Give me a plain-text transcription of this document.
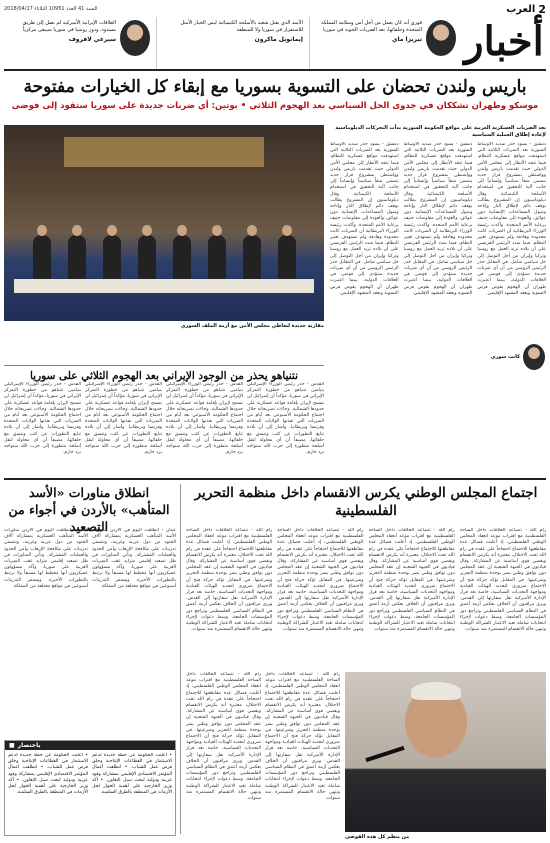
2
العرب
السنة 41 العدد 10951 الثلاثاء 2018/04/17
أخبار
فوزي أنه كان يعمل من أجل أمن وسلامة المملكة المتحدة وحلفائها، بعد الضربات الجوية في سوريا
تيريزا ماي
الأسد الذي يقتل شعبه بالأسلحة الكيميائية ليس الخيار الأمثل للاستقرار في سوريا ولا للمنطقة
إيمانويل ماكرون
العلاقات الإيرانية الأميركية لم تصل إلى طريق مسدود، ودور روسيا في سوريا سيبقى مركزياً
سيرغي لافروف
باريس ولندن تحضان على التسوية بسوريا مع إبقاء كل الخيارات مفتوحة
موسكو وطهران تشككان في جدوى الحل السياسي بعد الهجوم الثلاثي • بوتين: أي ضربات جديدة على سوريا ستقود إلى فوضى
مقاربة جديدة لتعاطي مجلس الأمن مع أزمة الملف السوري
بعد الضربات العسكرية الغربية على مواقع الحكومة السورية بدأت التحركات الدبلوماسية لإعادة إطلاق العملية السياسية
دمشق - يسود حذر شديد الأوساط السورية بعد الضربات الثلاثية التي استهدفت مواقع عسكرية للنظام، فيما تتجه الأنظار إلى مجلس الأمن الدولي حيث تقدمت باريس ولندن وواشنطن بمشروع قرار جديد يتضمن شقاً سياسياً وإنسانياً إلى جانب آلية للتحقيق في استخدام الأسلحة الكيميائية. وقال دبلوماسيون إن المشروع يطالب بوقف دائم لإطلاق النار وإتاحة وصول المساعدات الإنسانية دون عوائق، والعودة إلى مفاوضات جنيف برعاية الأمم المتحدة. وأكدت رئيسة الوزراء البريطانية أن الضربات كانت محدودة وهادفة ولم تستهدف تغيير النظام، فيما شدد الرئيس الفرنسي على أن بلاده تريد العمل مع روسيا وتركيا وإيران من أجل التوصل إلى حل سياسي شامل. في المقابل حذر الرئيس الروسي من أن أي ضربات جديدة ستؤدي إلى فوضى في العلاقات الدولية، بينما اعتبرت طهران أن الهجوم يقوض فرص التسوية ويعقد المشهد الإقليمي.
دمشق - يسود حذر شديد الأوساط السورية بعد الضربات الثلاثية التي استهدفت مواقع عسكرية للنظام، فيما تتجه الأنظار إلى مجلس الأمن الدولي حيث تقدمت باريس ولندن وواشنطن بمشروع قرار جديد يتضمن شقاً سياسياً وإنسانياً إلى جانب آلية للتحقيق في استخدام الأسلحة الكيميائية. وقال دبلوماسيون إن المشروع يطالب بوقف دائم لإطلاق النار وإتاحة وصول المساعدات الإنسانية دون عوائق، والعودة إلى مفاوضات جنيف برعاية الأمم المتحدة. وأكدت رئيسة الوزراء البريطانية أن الضربات كانت محدودة وهادفة ولم تستهدف تغيير النظام، فيما شدد الرئيس الفرنسي على أن بلاده تريد العمل مع روسيا وتركيا وإيران من أجل التوصل إلى حل سياسي شامل. في المقابل حذر الرئيس الروسي من أن أي ضربات جديدة ستؤدي إلى فوضى في العلاقات الدولية، بينما اعتبرت طهران أن الهجوم يقوض فرص التسوية ويعقد المشهد الإقليمي.
دمشق - يسود حذر شديد الأوساط السورية بعد الضربات الثلاثية التي استهدفت مواقع عسكرية للنظام، فيما تتجه الأنظار إلى مجلس الأمن الدولي حيث تقدمت باريس ولندن وواشنطن بمشروع قرار جديد يتضمن شقاً سياسياً وإنسانياً إلى جانب آلية للتحقيق في استخدام الأسلحة الكيميائية. وقال دبلوماسيون إن المشروع يطالب بوقف دائم لإطلاق النار وإتاحة وصول المساعدات الإنسانية دون عوائق، والعودة إلى مفاوضات جنيف برعاية الأمم المتحدة. وأكدت رئيسة الوزراء البريطانية أن الضربات كانت محدودة وهادفة ولم تستهدف تغيير النظام، فيما شدد الرئيس الفرنسي على أن بلاده تريد العمل مع روسيا وتركيا وإيران من أجل التوصل إلى حل سياسي شامل. في المقابل حذر الرئيس الروسي من أن أي ضربات جديدة ستؤدي إلى فوضى في العلاقات الدولية، بينما اعتبرت طهران أن الهجوم يقوض فرص التسوية ويعقد المشهد الإقليمي.
كاتب سوري
نتنياهو يحذر من الوجود الإيراني بعد الهجوم الثلاثي على سوريا
القدس - حذر رئيس الوزراء الإسرائيلي بنيامين نتنياهو من خطورة التمركز الإيراني في سوريا، مؤكداً أن إسرائيل لن تسمح لإيران بإقامة قواعد عسكرية على حدودها الشمالية. وجاءت تصريحاته خلال اجتماع الحكومة الأسبوعي بعد أيام من الضربات التي نفذتها الولايات المتحدة وفرنسا وبريطانيا. وأشار إلى أن بلاده تتابع التطورات عن كثب وتنسق مع حلفائها، مضيفاً أن أي محاولة لنقل أسلحة متطورة إلى حزب الله ستواجه برد حازم.
القدس - حذر رئيس الوزراء الإسرائيلي بنيامين نتنياهو من خطورة التمركز الإيراني في سوريا، مؤكداً أن إسرائيل لن تسمح لإيران بإقامة قواعد عسكرية على حدودها الشمالية. وجاءت تصريحاته خلال اجتماع الحكومة الأسبوعي بعد أيام من الضربات التي نفذتها الولايات المتحدة وفرنسا وبريطانيا. وأشار إلى أن بلاده تتابع التطورات عن كثب وتنسق مع حلفائها، مضيفاً أن أي محاولة لنقل أسلحة متطورة إلى حزب الله ستواجه برد حازم.
القدس - حذر رئيس الوزراء الإسرائيلي بنيامين نتنياهو من خطورة التمركز الإيراني في سوريا، مؤكداً أن إسرائيل لن تسمح لإيران بإقامة قواعد عسكرية على حدودها الشمالية. وجاءت تصريحاته خلال اجتماع الحكومة الأسبوعي بعد أيام من الضربات التي نفذتها الولايات المتحدة وفرنسا وبريطانيا. وأشار إلى أن بلاده تتابع التطورات عن كثب وتنسق مع حلفائها، مضيفاً أن أي محاولة لنقل أسلحة متطورة إلى حزب الله ستواجه برد حازم.
القدس - حذر رئيس الوزراء الإسرائيلي بنيامين نتنياهو من خطورة التمركز الإيراني في سوريا، مؤكداً أن إسرائيل لن تسمح لإيران بإقامة قواعد عسكرية على حدودها الشمالية. وجاءت تصريحاته خلال اجتماع الحكومة الأسبوعي بعد أيام من الضربات التي نفذتها الولايات المتحدة وفرنسا وبريطانيا. وأشار إلى أن بلاده تتابع التطورات عن كثب وتنسق مع حلفائها، مضيفاً أن أي محاولة لنقل أسلحة متطورة إلى حزب الله ستواجه برد حازم.
انطلاق مناورات «الأسد المتأهب» بالأردن في أجواء من التصعيد
اجتماع المجلس الوطني يكرس الانقسام داخل منظمة التحرير الفلسطينية
عمان - انطلقت اليوم في الأردن مناورات الأسد المتأهب العسكرية بمشاركة آلاف الجنود من دول عربية وغربية، وتتضمن تدريبات على مكافحة الإرهاب وأمن الحدود والعمليات المشتركة. وتأتي المناورات في ظل تصعيد إقليمي متزايد عقب الضربات الغربية على سوريا، وأكد مسؤولون عسكريون أنها مخطط لها مسبقاً ولا ترتبط بالتطورات الأخيرة. وتستمر التدريبات أسبوعين في مواقع مختلفة من المملكة.
عمان - انطلقت اليوم في الأردن مناورات الأسد المتأهب العسكرية بمشاركة آلاف الجنود من دول عربية وغربية، وتتضمن تدريبات على مكافحة الإرهاب وأمن الحدود والعمليات المشتركة. وتأتي المناورات في ظل تصعيد إقليمي متزايد عقب الضربات الغربية على سوريا، وأكد مسؤولون عسكريون أنها مخطط لها مسبقاً ولا ترتبط بالتطورات الأخيرة. وتستمر التدريبات أسبوعين في مواقع مختلفة من المملكة.
باختصار
■
• أعلنت الحكومة عن خطة جديدة لدعم الاستثمار في القطاعات الإنتاجية وخلق فرص عمل للشباب. • انطلقت أعمال المؤتمر الاقتصادي الإقليمي بمشاركة وفود عربية ودولية لبحث سبل التعاون. • أكد وزير الخارجية على أهمية الحوار لحل الأزمات في المنطقة بالطرق السلمية.
• أعلنت الحكومة عن خطة جديدة لدعم الاستثمار في القطاعات الإنتاجية وخلق فرص عمل للشباب. • انطلقت أعمال المؤتمر الاقتصادي الإقليمي بمشاركة وفود عربية ودولية لبحث سبل التعاون. • أكد وزير الخارجية على أهمية الحوار لحل الأزمات في المنطقة بالطرق السلمية.
رام الله - تتصاعد الخلافات داخل الساحة الفلسطينية مع اقتراب موعد انعقاد المجلس الوطني الفلسطيني، إذ أعلنت فصائل عدة مقاطعتها للاجتماع احتجاجاً على عقده في رام الله تحت الاحتلال، معتبرة أنه يكرس الانقسام ويقصي قوى أساسية عن المشاركة. وقال قياديون في الجبهة الشعبية إن عقد المجلس دون توافق وطني يضر بوحدة منظمة التحرير وشرعيتها. في المقابل تؤكد حركة فتح أن الاجتماع ضروري لتجديد الهيئات القيادية ومواجهة التحديات السياسية، خاصة بعد قرار الإدارة الأميركية نقل سفارتها إلى القدس. ويرى مراقبون أن الخلاف يعكس أزمة أعمق في النظام السياسي الفلسطيني وتراجع دور المؤسسات الجامعة، وسط دعوات لإجراء انتخابات شاملة تعيد الاعتبار للشراكة الوطنية وتنهي حالة الانقسام المستمرة منذ سنوات.
رام الله - تتصاعد الخلافات داخل الساحة الفلسطينية مع اقتراب موعد انعقاد المجلس الوطني الفلسطيني، إذ أعلنت فصائل عدة مقاطعتها للاجتماع احتجاجاً على عقده في رام الله تحت الاحتلال، معتبرة أنه يكرس الانقسام ويقصي قوى أساسية عن المشاركة. وقال قياديون في الجبهة الشعبية إن عقد المجلس دون توافق وطني يضر بوحدة منظمة التحرير وشرعيتها. في المقابل تؤكد حركة فتح أن الاجتماع ضروري لتجديد الهيئات القيادية ومواجهة التحديات السياسية، خاصة بعد قرار الإدارة الأميركية نقل سفارتها إلى القدس. ويرى مراقبون أن الخلاف يعكس أزمة أعمق في النظام السياسي الفلسطيني وتراجع دور المؤسسات الجامعة، وسط دعوات لإجراء انتخابات شاملة تعيد الاعتبار للشراكة الوطنية وتنهي حالة الانقسام المستمرة منذ سنوات.
رام الله - تتصاعد الخلافات داخل الساحة الفلسطينية مع اقتراب موعد انعقاد المجلس الوطني الفلسطيني، إذ أعلنت فصائل عدة مقاطعتها للاجتماع احتجاجاً على عقده في رام الله تحت الاحتلال، معتبرة أنه يكرس الانقسام ويقصي قوى أساسية عن المشاركة. وقال قياديون في الجبهة الشعبية إن عقد المجلس دون توافق وطني يضر بوحدة منظمة التحرير وشرعيتها. في المقابل تؤكد حركة فتح أن الاجتماع ضروري لتجديد الهيئات القيادية ومواجهة التحديات السياسية، خاصة بعد قرار الإدارة الأميركية نقل سفارتها إلى القدس. ويرى مراقبون أن الخلاف يعكس أزمة أعمق في النظام السياسي الفلسطيني وتراجع دور المؤسسات الجامعة، وسط دعوات لإجراء انتخابات شاملة تعيد الاعتبار للشراكة الوطنية وتنهي حالة الانقسام المستمرة منذ سنوات.
رام الله - تتصاعد الخلافات داخل الساحة الفلسطينية مع اقتراب موعد انعقاد المجلس الوطني الفلسطيني، إذ أعلنت فصائل عدة مقاطعتها للاجتماع احتجاجاً على عقده في رام الله تحت الاحتلال، معتبرة أنه يكرس الانقسام ويقصي قوى أساسية عن المشاركة. وقال قياديون في الجبهة الشعبية إن عقد المجلس دون توافق وطني يضر بوحدة منظمة التحرير وشرعيتها. في المقابل تؤكد حركة فتح أن الاجتماع ضروري لتجديد الهيئات القيادية ومواجهة التحديات السياسية، خاصة بعد قرار الإدارة الأميركية نقل سفارتها إلى القدس. ويرى مراقبون أن الخلاف يعكس أزمة أعمق في النظام السياسي الفلسطيني وتراجع دور المؤسسات الجامعة، وسط دعوات لإجراء انتخابات شاملة تعيد الاعتبار للشراكة الوطنية وتنهي حالة الانقسام المستمرة منذ سنوات.
رام الله - تتصاعد الخلافات داخل الساحة الفلسطينية مع اقتراب موعد انعقاد المجلس الوطني الفلسطيني، إذ أعلنت فصائل عدة مقاطعتها للاجتماع احتجاجاً على عقده في رام الله تحت الاحتلال، معتبرة أنه يكرس الانقسام ويقصي قوى أساسية عن المشاركة. وقال قياديون في الجبهة الشعبية إن عقد المجلس دون توافق وطني يضر بوحدة منظمة التحرير وشرعيتها. في المقابل تؤكد حركة فتح أن الاجتماع ضروري لتجديد الهيئات القيادية ومواجهة التحديات السياسية، خاصة بعد قرار الإدارة الأميركية نقل سفارتها إلى القدس. ويرى مراقبون أن الخلاف يعكس أزمة أعمق في النظام السياسي الفلسطيني وتراجع دور المؤسسات الجامعة، وسط دعوات لإجراء انتخابات شاملة تعيد الاعتبار للشراكة الوطنية وتنهي حالة الانقسام المستمرة منذ سنوات.
رام الله - تتصاعد الخلافات داخل الساحة الفلسطينية مع اقتراب موعد انعقاد المجلس الوطني الفلسطيني، إذ أعلنت فصائل عدة مقاطعتها للاجتماع احتجاجاً على عقده في رام الله تحت الاحتلال، معتبرة أنه يكرس الانقسام ويقصي قوى أساسية عن المشاركة. وقال قياديون في الجبهة الشعبية إن عقد المجلس دون توافق وطني يضر بوحدة منظمة التحرير وشرعيتها. في المقابل تؤكد حركة فتح أن الاجتماع ضروري لتجديد الهيئات القيادية ومواجهة التحديات السياسية، خاصة بعد قرار الإدارة الأميركية نقل سفارتها إلى القدس. ويرى مراقبون أن الخلاف يعكس أزمة أعمق في النظام السياسي الفلسطيني وتراجع دور المؤسسات الجامعة، وسط دعوات لإجراء انتخابات شاملة تعيد الاعتبار للشراكة الوطنية وتنهي حالة الانقسام المستمرة منذ سنوات.
من ينظم كل هذه الفوضى
